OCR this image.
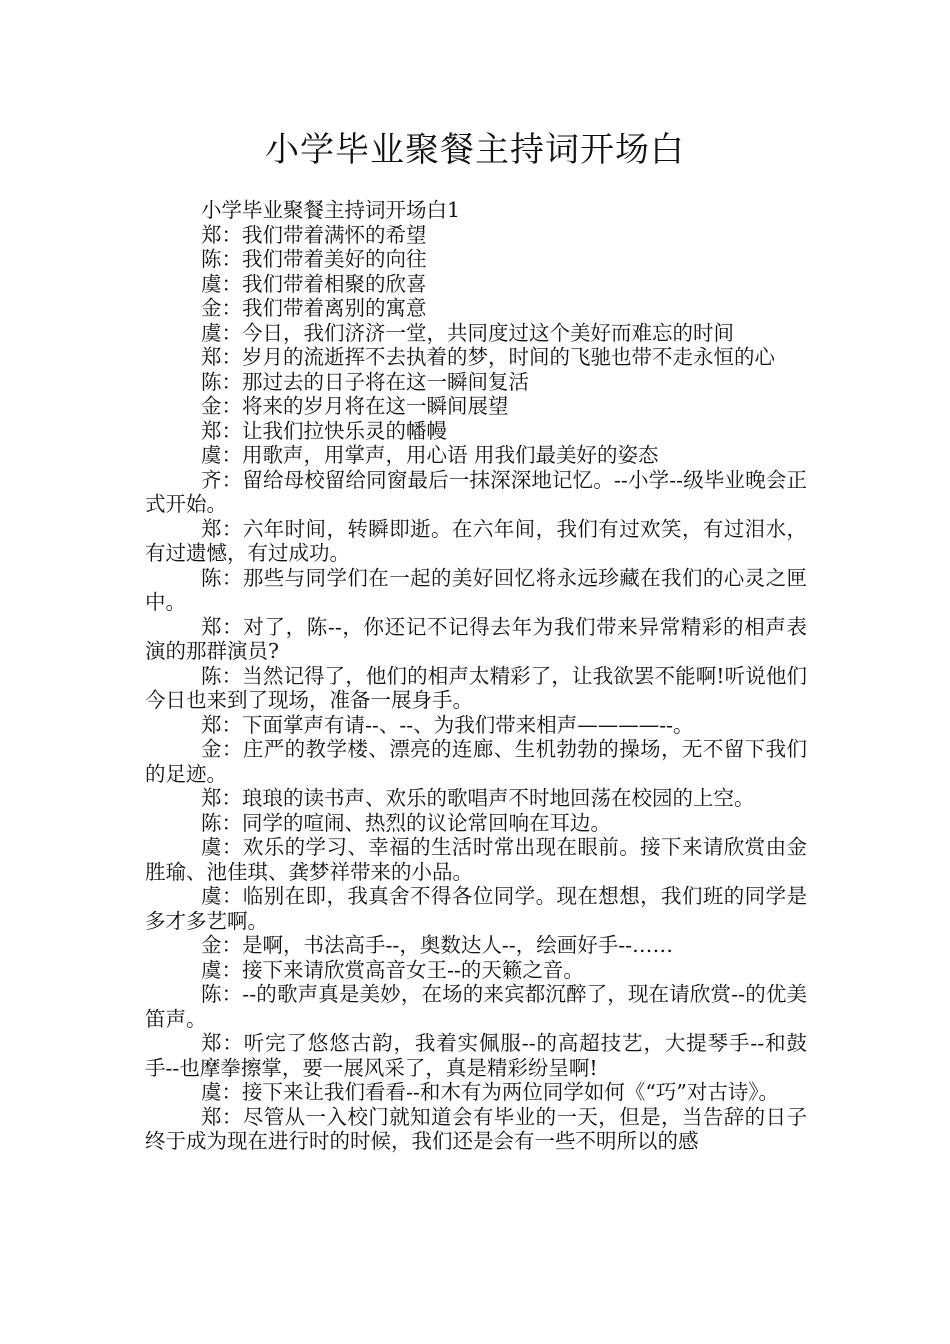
小学毕业聚餐主持词开场白

小学毕业聚餐主持词开场白1

郑：我们带着满怀的希望

陈：我们带着美好的向往

虞：我们带着相聚的欣喜

金：我们带着离别的寓意

虞：今日，我们济济一堂，共同度过这个美好而难忘的时间

郑：岁月的流逝挥不去执着的梦，时间的飞驰也带不走永恒的心

陈：那过去的日子将在这一瞬间复活

金：将来的岁月将在这一瞬间展望

郑：让我们拉快乐灵的幡幔

虞：用歌声，用掌声，用心语 用我们最美好的姿态

齐：留给母校留给同窗最后一抹深深地记忆。--小学--级毕业晚会正式开始。

郑：六年时间，转瞬即逝。在六年间，我们有过欢笑，有过泪水，有过遗憾，有过成功。

陈：那些与同学们在一起的美好回忆将永远珍藏在我们的心灵之匣中。

郑：对了，陈--，你还记不记得去年为我们带来异常精彩的相声表演的那群演员?

陈：当然记得了，他们的相声太精彩了，让我欲罢不能啊!听说他们今日也来到了现场，准备一展身手。

郑：下面掌声有请--、--、为我们带来相声————--。

金：庄严的教学楼、漂亮的连廊、生机勃勃的操场，无不留下我们的足迹。

郑：琅琅的读书声、欢乐的歌唱声不时地回荡在校园的上空。

陈：同学的喧闹、热烈的议论常回响在耳边。

虞：欢乐的学习、幸福的生活时常出现在眼前。接下来请欣赏由金胜瑜、池佳琪、龚梦祥带来的小品。

虞：临别在即，我真舍不得各位同学。现在想想，我们班的同学是多才多艺啊。

金：是啊，书法高手--，奥数达人--，绘画好手--……

虞：接下来请欣赏高音女王--的天籁之音。

陈：--的歌声真是美妙，在场的来宾都沉醉了，现在请欣赏--的优美笛声。

郑：听完了悠悠古韵，我着实佩服--的高超技艺，大提琴手--和鼓手--也摩拳擦掌，要一展风采了，真是精彩纷呈啊!

虞：接下来让我们看看--和木有为两位同学如何《“巧”对古诗》。

郑：尽管从一入校门就知道会有毕业的一天，但是，当告辞的日子终于成为现在进行时的时候，我们还是会有一些不明所以的感
